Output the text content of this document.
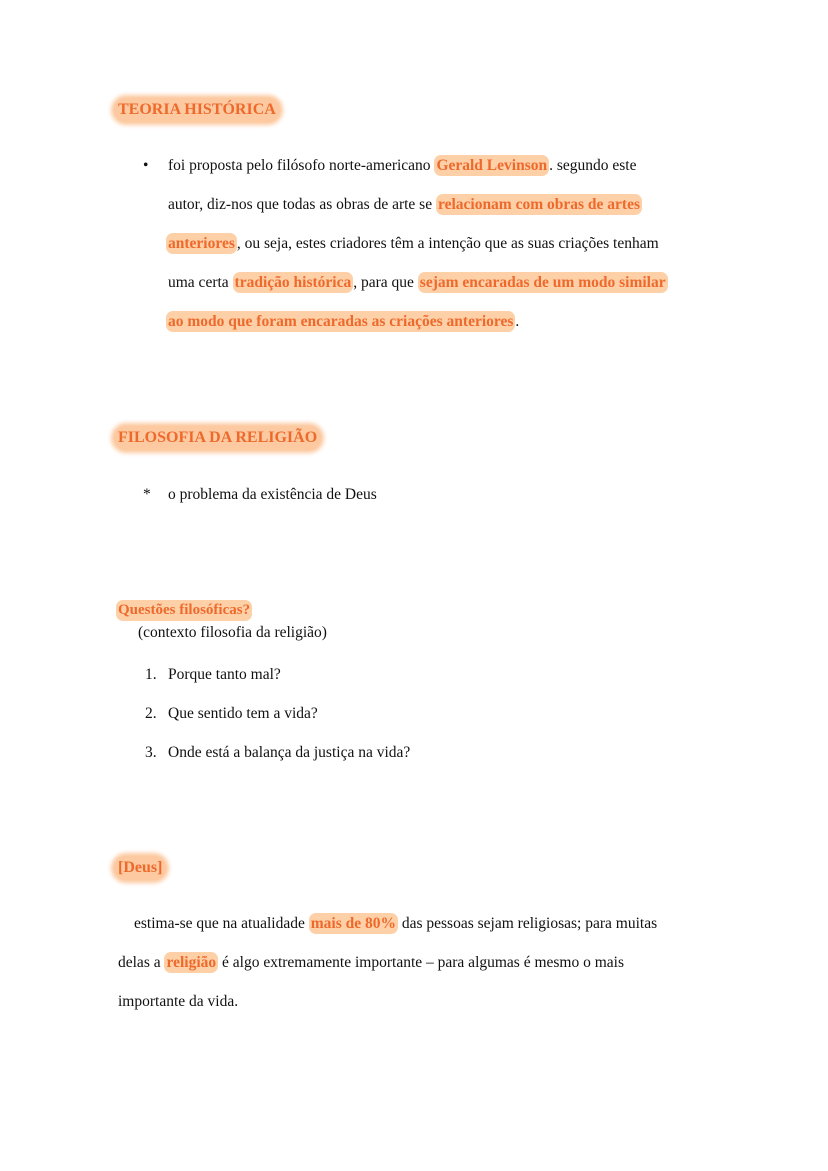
TEORIA HISTÓRICA
• foi proposta pelo filósofo norte-americano Gerald Levinson . segundo este
autor, diz-nos que todas as obras de arte se relacionam com obras de artes
anteriores , ou seja, estes criadores têm a intenção que as suas criações tenham
uma certa tradição histórica , para que sejam encaradas de um modo similar
ao modo que foram encaradas as criações anteriores .
FILOSOFIA DA RELIGIÃO
* o problema da existência de Deus
Questões filosóficas?
(contexto filosofia da religião)
1. Porque tanto mal?
2. Que sentido tem a vida?
3. Onde está a balança da justiça na vida?
[Deus]
estima-se que na atualidade mais de 80% das pessoas sejam religiosas; para muitas
delas a religião é algo extremamente importante – para algumas é mesmo o mais
importante da vida.
